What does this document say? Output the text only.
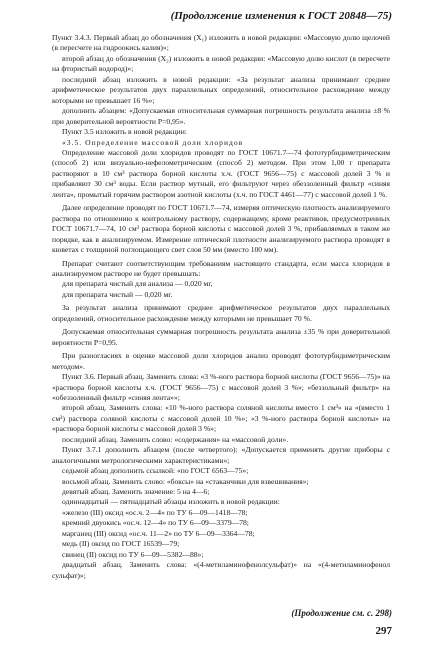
(Продолжение изменения к ГОСТ 20848—75)

Пункт 3.4.3. Первый абзац до обозначения (X₁) изложить в новой редакции: «Массовую долю щелочей (в пересчете на гидроокись калия)»;

второй абзац до обозначения (X₂) изложить в новой редакции: «Массовую долю кислот (в пересчете на фтористый водород)»;

последний абзац изложить в новой редакции: «За результат анализа принимают среднее арифметическое результатов двух параллельных определений, относительное расхождение между которыми не превышает 16 %»;

дополнить абзацем: «Допускаемая относительная суммарная погрешность результата анализа ±8 % при доверительной вероятности P=0,95».

Пункт 3.5 изложить в новой редакции:

«3.5. Определение массовой доли хлоридов

Определение массовой доли хлоридов проводят по ГОСТ 10671.7—74 фототурбидиметрическим (способ 2) или визуально-нефелометрическим (способ 2) методом. При этом 1,00 г препарата растворяют в 10 см³ раствора борной кислоты х.ч. (ГОСТ 9656—75) с массовой долей 3 % и прибавляют 30 см³ воды. Если раствор мутный, его фильтруют через обеззоленный фильтр «синяя лента», промытый горячим раствором азотной кислоты (х.ч. по ГОСТ 4461—77) с массовой долей 1 %.

Далее определение проводят по ГОСТ 10671.7—74, измеряя оптическую плотность анализируемого раствора по отношению к контрольному раствору, содержащему, кроме реактивов, предусмотренных ГОСТ 10671.7—74, 10 см³ раствора борной кислоты с массовой долей 3 %, прибавляемых в таком же порядке, как в анализируемом. Измерение оптической плотности анализируемого раствора проводят в кюветах с толщиной поглощающего свет слоя 50 мм (вместо 100 мм).

Препарат считают соответствующим требованиям настоящего стандарта, если масса хлоридов в анализируемом растворе не будет превышать:

для препарата чистый для анализа — 0,020 мг,

для препарата чистый — 0,020 мг.

За результат анализа принимают среднее арифметическое результатов двух параллельных определений, относительное расхождение между которыми не превышает 70 %.

Допускаемая относительная суммарная погрешность результата анализа ±35 % при доверительной вероятности P=0,95.

При разногласиях в оценке массовой доли хлоридов анализ проводят фототурбидиметрическим методом».

Пункт 3.6. Первый абзац. Заменить слова: «3 %-ного раствора борной кислоты (ГОСТ 9656—75)» на «раствора борной кислоты х.ч. (ГОСТ 9656—75) с массовой долей 3 %»; «беззольный фильтр» на «обеззоленный фильтр «синяя лента»»;

второй абзац. Заменить слова: «10 %-ного раствора соляной кислоты вместо 1 см³» на «(вместо 1 см³) раствора соляной кислоты с массовой долей 10 %»; «3 %-ного раствора борной кислоты» на «раствора борной кислоты с массовой долей 3 %»;

последний абзац. Заменить слово: «содержания» на «массовой доли».

Пункт 3.7.1 дополнить абзацем (после четвертого): «Допускается применять другие приборы с аналогичными метрологическими характеристиками»;

седьмой абзац дополнить ссылкой: «по ГОСТ 6563—75»;

восьмой абзац. Заменить слово: «боксы» на «стаканчики для взвешивания»;

девятый абзац. Заменить значение: 5 на 4—6;

одиннадцатый — пятнадцатый абзацы изложить в новой редакции:

«железо (III) оксид «ос.ч. 2—4» по ТУ 6—09—1418—78;

кремний двуокись «ос.ч. 12—4» по ТУ 6—09—3379—78;

марганец (III) оксид «ос.ч. 11—2» по ТУ 6—09—3364—78;

медь (II) оксид по ГОСТ 16539—79;

свинец (II) оксид по ТУ 6—09—5382—88»;

двадцатый абзац. Заменить слова: «(4-метиламинофенолсульфат)» на «(4-метиламинофенол сульфат)»;

(Продолжение см. с. 298)
297
